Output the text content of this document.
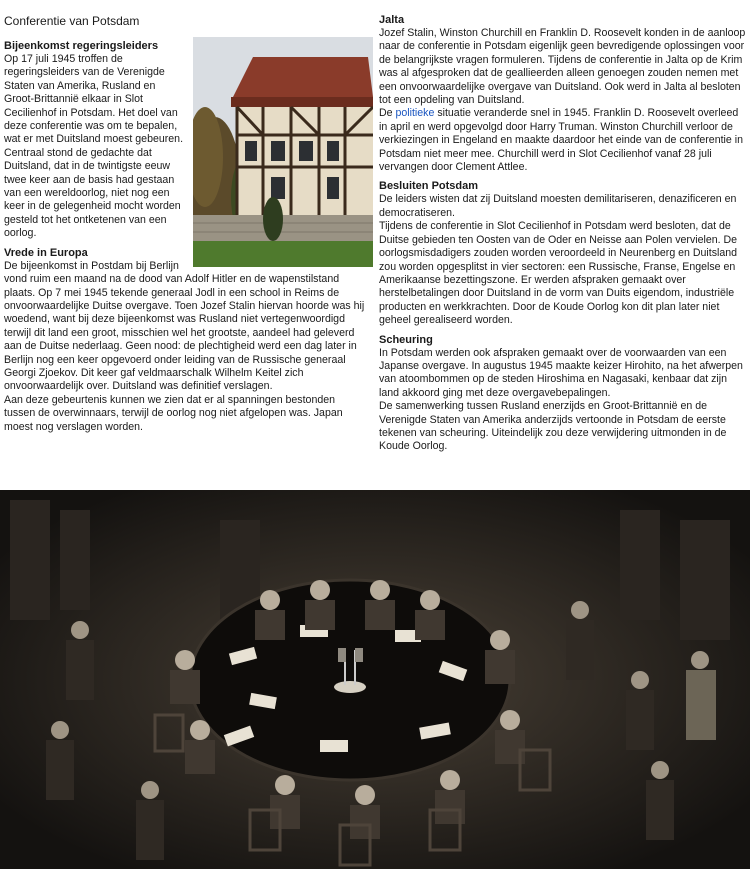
Conferentie van Potsdam
Bijeenkomst regeringsleiders

Op 17 juli 1945 troffen de regeringsleiders van de Verenigde Staten van Amerika, Rusland en Groot-Brittannië elkaar in Slot Cecilienhof in Potsdam. Het doel van deze conferentie was om te bepalen, wat er met Duitsland moest gebeuren. Centraal stond de gedachte dat Duitsland, dat in de twintigste eeuw twee keer aan de basis had gestaan van een wereldoorlog, niet nog een keer in de gelegenheid mocht worden gesteld tot het ontketenen van een oorlog.

Vrede in Europa

De bijeenkomst in Postdam bij Berlijn vond ruim een maand na de dood van Adolf Hitler en de wapenstilstand plaats. Op 7 mei 1945 tekende generaal Jodl in een school in Reims de onvoorwaardelijke Duitse overgave. Toen Jozef Stalin hiervan hoorde was hij woedend, want bij deze bijeenkomst was Rusland niet vertegenwoordigd terwijl dit land een groot, misschien wel het grootste, aandeel had geleverd aan de Duitse nederlaag. Geen nood: de plechtigheid werd een dag later in Berlijn nog een keer opgevoerd onder leiding van de Russische generaal Georgi Zjoekov. Dit keer gaf veldmaarschalk Wilhelm Keitel zich onvoorwaardelijk over. Duitsland was definitief verslagen.

Aan deze gebeurtenis kunnen we zien dat er al spanningen bestonden tussen de overwinnaars, terwijl de oorlog nog niet afgelopen was. Japan moest nog verslagen worden.

Jalta

Jozef Stalin, Winston Churchill en Franklin D. Roosevelt konden in de aanloop naar de conferentie in Potsdam eigenlijk geen bevredigende oplossingen voor de belangrijkste vragen formuleren. Tijdens de conferentie in Jalta op de Krim was al afgesproken dat de geallieerden alleen genoegen zouden nemen met een onvoorwaardelijke overgave van Duitsland. Ook werd in Jalta al besloten tot een opdeling van Duitsland.

De politieke situatie veranderde snel in 1945. Franklin D. Roosevelt overleed in april en werd opgevolgd door Harry Truman. Winston Churchill verloor de verkiezingen in Engeland en maakte daardoor het einde van de conferentie in Potsdam niet meer mee. Churchill werd in Slot Cecilienhof vanaf 28 juli vervangen door Clement Attlee.

Besluiten Potsdam

De leiders wisten dat zij Duitsland moesten demilitariseren, denazificeren en democratiseren.

Tijdens de conferentie in Slot Cecilienhof in Potsdam werd besloten, dat de Duitse gebieden ten Oosten van de Oder en Neisse aan Polen vervielen. De oorlogsmisdadigers zouden worden veroordeeld in Neurenberg en Duitsland zou worden opgesplitst in vier sectoren: een Russische, Franse, Engelse en Amerikaanse bezettingszone. Er werden afspraken gemaakt over herstelbetalingen door Duitsland in de vorm van Duits eigendom, industriële producten en werkkrachten. Door de Koude Oorlog kon dit plan later niet geheel gerealiseerd worden.

Scheuring

In Potsdam werden ook afspraken gemaakt over de voorwaarden van een Japanse overgave. In augustus 1945 maakte keizer Hirohito, na het afwerpen van atoombommen op de steden Hiroshima en Nagasaki, kenbaar dat zijn land akkoord ging met deze overgavebepalingen.

De samenwerking tussen Rusland enerzijds en Groot-Brittannië en de Verenigde Staten van Amerika anderzijds vertoonde in Potsdam de eerste tekenen van scheuring. Uiteindelijk zou deze verwijdering uitmonden in de Koude Oorlog.
